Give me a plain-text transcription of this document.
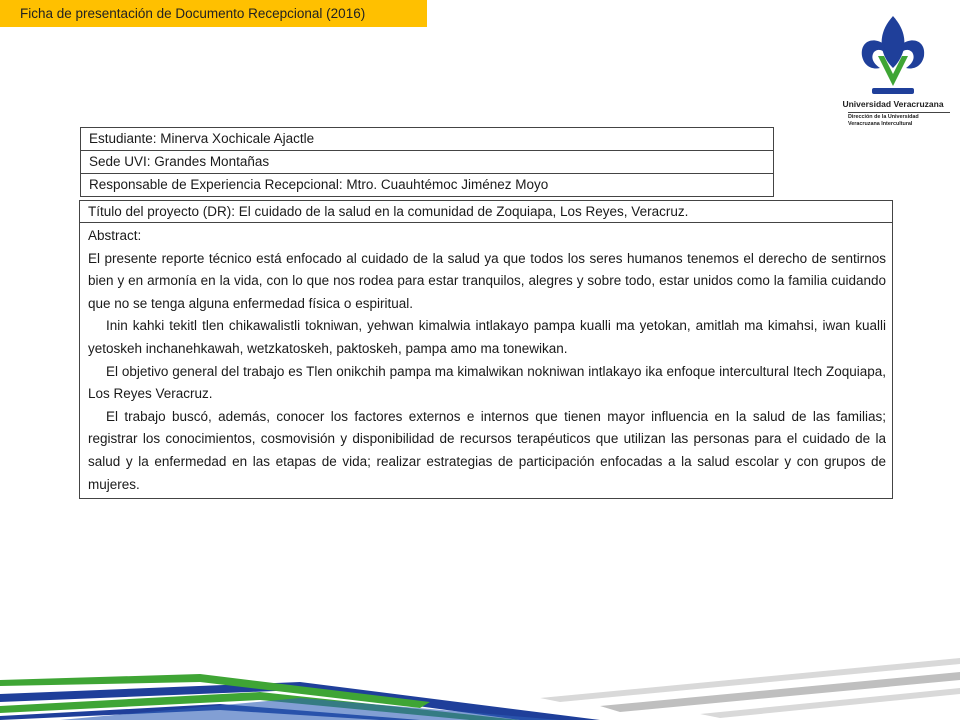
Ficha de presentación de Documento Recepcional (2016)
Universidad Veracruzana
Dirección de la Universidad
Veracruzana Intercultural
Estudiante: Minerva Xochicale Ajactle
Sede UVI: Grandes Montañas
Responsable de Experiencia Recepcional: Mtro. Cuauhtémoc Jiménez Moyo
Título del proyecto (DR): El cuidado de la salud en la comunidad de Zoquiapa, Los Reyes, Veracruz.

Abstract:

El presente reporte técnico está enfocado al cuidado de la salud ya que todos los seres humanos tenemos el derecho de sentirnos bien y en armonía en la vida, con lo que nos rodea para estar tranquilos, alegres y sobre todo, estar unidos como la familia cuidando que no se tenga alguna enfermedad física o espiritual.

Inin kahki tekitl tlen chikawalistli tokniwan, yehwan kimalwia intlakayo pampa kualli ma yetokan, amitlah ma kimahsi, iwan kualli yetoskeh inchanehkawah, wetzkatoskeh, paktoskeh, pampa amo ma tonewikan.

El objetivo general del trabajo es Tlen onikchih pampa ma kimalwikan nokniwan intlakayo ika enfoque intercultural Itech Zoquiapa, Los Reyes Veracruz.

El trabajo buscó, además, conocer los factores externos e internos que tienen mayor influencia en la salud de las familias; registrar los conocimientos, cosmovisión y disponibilidad de recursos terapéuticos que utilizan las personas para el cuidado de la salud y la enfermedad en las etapas de vida; realizar estrategias de participación enfocadas a la salud escolar y con grupos de mujeres.
